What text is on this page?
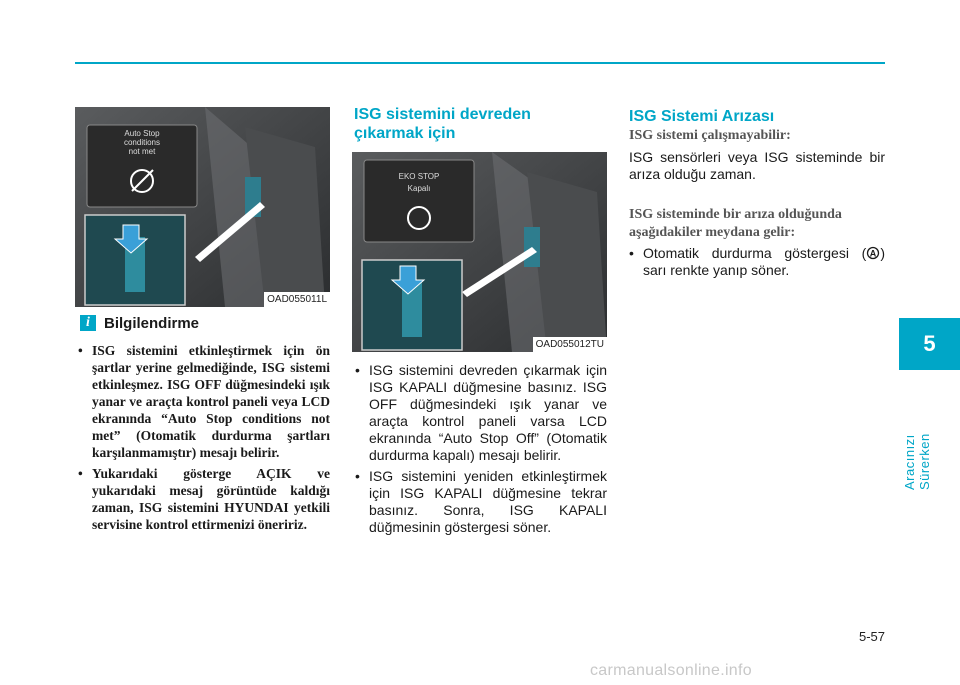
Auto Stop
conditions
not met
OAD055011L
i Bilgilendirme
• ISG sistemini etkinleştirmek için ön şartlar yerine gelmediğinde, ISG sistemi etkinleşmez. ISG OFF düğmesindeki ışık yanar ve araçta kontrol paneli veya LCD ekranında “Auto Stop conditions not met” (Otomatik durdurma şartları karşılanmamıştır) mesajı belirir.
• Yukarıdaki gösterge AÇIK ve yukarıdaki mesaj görüntüde kaldığı zaman, ISG sistemini HYUNDAI yetkili servisine kontrol ettirmenizi öneririz.
ISG sistemini devreden çıkarmak için
EKO STOP
Kapalı
OAD055012TU
• ISG sistemini devreden çıkarmak için ISG KAPALI düğmesine basınız. ISG OFF düğmesindeki ışık yanar ve araçta kontrol paneli varsa LCD ekranında “Auto Stop Off” (Otomatik durdurma kapalı) mesajı belirir.
• ISG sistemini yeniden etkinleştirmek için ISG KAPALI düğmesine tekrar basınız. Sonra, ISG KAPALI düğmesinin göstergesi söner.
ISG Sistemi Arızası
ISG sistemi çalışmayabilir:
ISG sensörleri veya ISG sisteminde bir arıza olduğu zaman.
ISG sisteminde bir arıza olduğunda aşağıdakiler meydana gelir:
• Otomatik durdurma göstergesi ( A ) sarı renkte yanıp söner.
5
Aracınızı Sürerken
5-57
carmanualsonline.info
